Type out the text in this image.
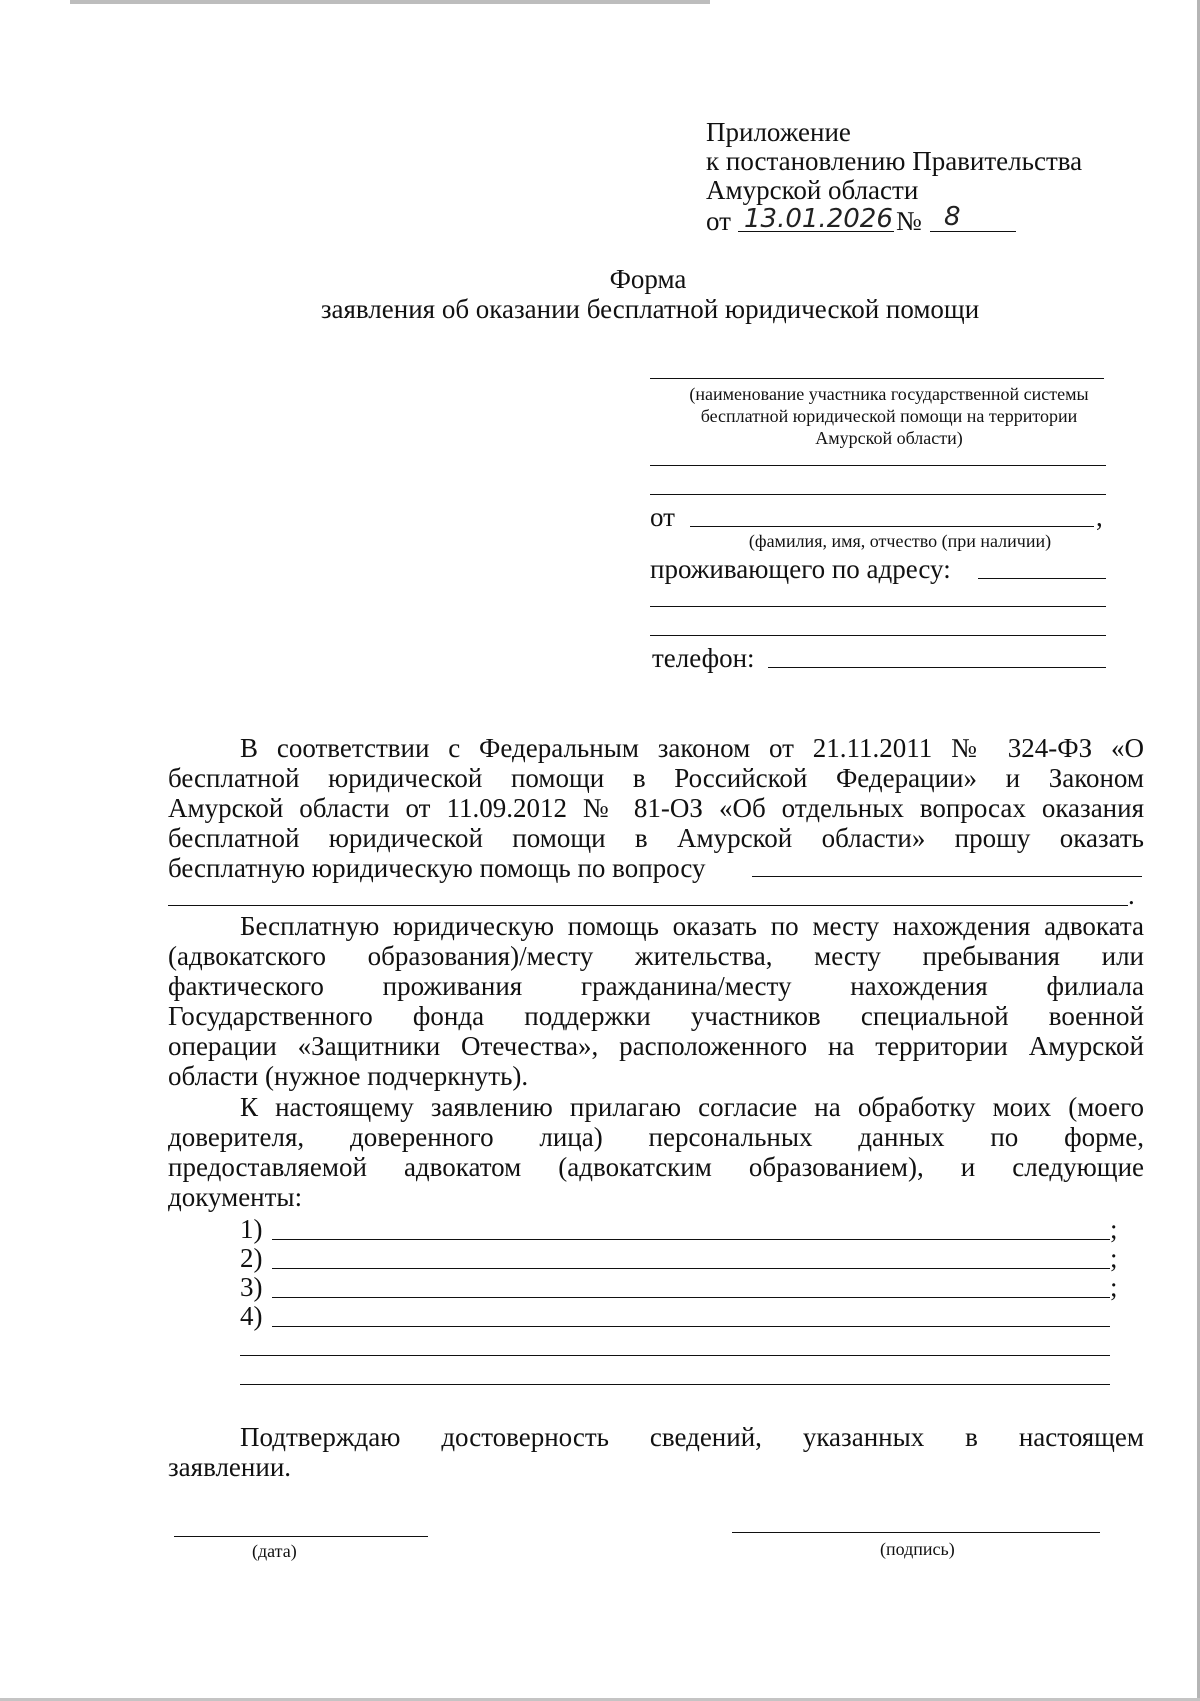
Приложение
к постановлению Правительства
Амурской области
от 13.01.2026 № 8
Форма
заявления об оказании бесплатной юридической помощи
(наименование участника государственной системы
бесплатной юридической помощи на территории
Амурской области)
от	,
(фамилия, имя, отчество (при наличии)
проживающего по адресу:
телефон:
В соответствии с Федеральным законом от 21.11.2011 № 324-ФЗ «О
бесплатной юридической помощи в Российской Федерации» и Законом
Амурской области от 11.09.2012 № 81-ОЗ «Об отдельных вопросах оказания
бесплатной юридической помощи в Амурской области» прошу оказать
бесплатную юридическую помощь по вопросу
.
Бесплатную юридическую помощь оказать по месту нахождения адвоката
(адвокатского образования)/месту жительства, месту пребывания или
фактического проживания гражданина/месту нахождения филиала
Государственного фонда поддержки участников специальной военной
операции «Защитники Отечества», расположенного на территории Амурской
области (нужное подчеркнуть).
К настоящему заявлению прилагаю согласие на обработку моих (моего
доверителя, доверенного лица) персональных данных по форме,
предоставляемой адвокатом (адвокатским образованием), и следующие
документы:
1)	;
2)	;
3)	;
4)
Подтверждаю достоверность сведений, указанных в настоящем
заявлении.
(дата)	(подпись)
